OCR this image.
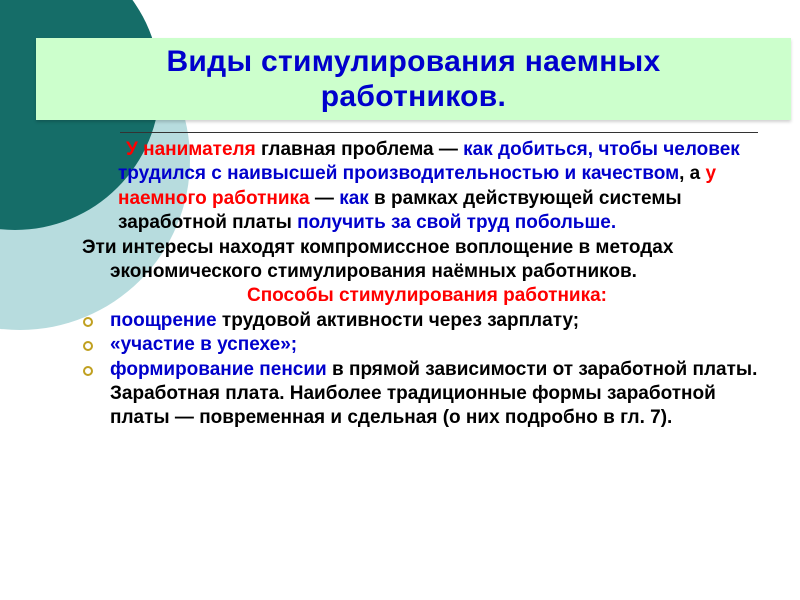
Виды стимулирования наемных
работников.

У нанимателя главная проблема — как добиться, чтобы человек трудился с наивысшей производительностью и качеством, а у наемного работника — как в рамках действующей системы заработной платы получить за свой труд побольше.

Эти интересы находят компромиссное воплощение в методах экономического стимулирования наёмных работников.

Способы стимулирования работника:

поощрение трудовой активности через зарплату;
«участие в успехе»;
формирование пенсии в прямой зависимости от заработной платы. Заработная плата. Наиболее традиционные формы заработной платы — повременная и сдельная (о них подробно в гл. 7).
